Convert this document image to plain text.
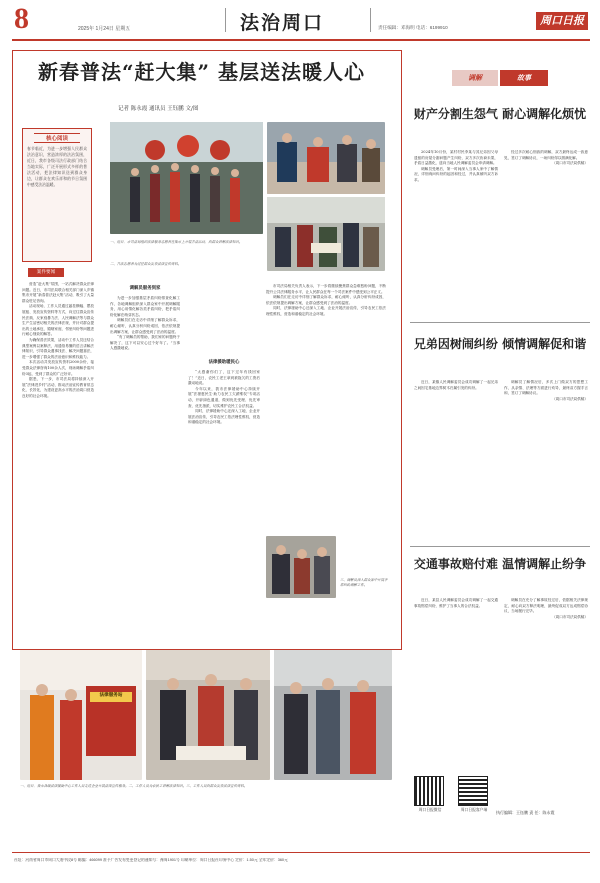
8	2025年 1月24日 星期五	法治周口	责任编辑：邓海明 电话：6199910
周口日报
新春普法“赶大集” 基层送法暖人心
记者 陈永霞 通讯员 王钰鹏 文/图
核心阅读
春节临近，为进一步增强人民群众法治意识，营造浓厚的法治氛围，近日，我市各级司法行政部门结合当地实际，广泛开展形式多样的普法活动，把法律知识送到群众身边，让群众在欢乐祥和的节日氛围中感受法治温暖。
一、近日，市司法局组织法律服务志愿者在集市上开展普法活动，向群众讲解法律知识。
二、普法志愿者为过往群众发放法律宣传资料。
案件要闻

营造“赶大集”氛围，一站式解决群众法律问题。近日，市司法局联合相关部门深入乡镇集市开展“新春普法赶大集”活动，吸引了大量群众驻足咨询。

活动现场，工作人员通过悬挂横幅、摆放展板、发放宣传资料等方式，向过往群众宣传民法典、反家庭暴力法、人民调解法等与群众生产生活密切相关的法律法规，并针对群众提出的土地承包、婚姻家庭、邻里纠纷等问题进行耐心细致的解答。

为确保普法效果，活动中工作人员还结合典型案例以案释法，用通俗易懂的语言讲解法律知识，引导群众遇事找法、解决问题靠法，进一步增强了群众的法治意识和维权能力。

本次活动共发放宣传资料2000余份，接受群众法律咨询100余人次，现场调解矛盾纠纷3起，受到了群众的广泛好评。

据悉，下一步，市司法局将持续深入开展“法律进乡村”活动，推动法治宣传教育常态化、长效化，为建设更高水平的法治周口营造良好的社会环境。

调解员服务到家

为进一步加强基层矛盾纠纷排查化解工作，各地调解组织深入群众家中开展调解服务，用心用情化解各类矛盾纠纷，把矛盾纠纷化解在萌芽状态。

调解员们在走访中详细了解群众诉求，耐心倾听，认真分析纠纷成因，依法依规提出调解方案，让群众感受到了法治的温度。

“有了调解员的帮助，我们家的问题终于解决了，这下可以安心过个好年了。”当事人感激地说。

法律援助暖民心

“太感谢你们了，这下过年有钱回家了！”近日，农民工老王拿到被拖欠的工资后激动地说。

今年以来，我市法律援助中心持续开展“法援惠民生·助力农民工欠薪维权”专项活动，开辟绿色通道，做到优先受理、优先审查、优先指派，切实维护农民工合法权益。

同时，法律援助中心还深入工地、企业开展法治宣传，引导农民工依法理性维权，营造和谐稳定的社会环境。

市司法局相关负责人表示，下一步将继续聚焦群众急难愁盼问题，不断提升公共法律服务水平，让人民群众在每一个司法案件中感受到公平正义。

调解员们在走访中详细了解群众诉求，耐心倾听，认真分析纠纷成因，依法依规提出调解方案，让群众感受到了法治的温度。

同时，法律援助中心还深入工地、企业开展法治宣传，引导农民工依法理性维权，营造和谐稳定的社会环境。

三、调解员深入群众家中开展矛盾纠纷调解工作。
法律服务站
一、近日，我市各级法律援助中心工作人员走进企业开展法律宣传服务。二、工作人员为农民工讲解法律知识。三、工作人员向群众发放法律宣传资料。
调解	故事
财产分割生怨气 耐心调解化烦忧

2024年10月份，某村村民李某与其兄弟因父母遗留的房屋分割问题产生纠纷，双方多次协商未果，矛盾日益激化，遂向当地人民调解委员会申请调解。

调解员受理后，第一时间深入当事人家中了解情况，详细询问纠纷的起因和经过，并认真倾听双方诉求。

经过多次耐心细致的调解，双方最终达成一致意见，签订了调解协议，一场纠纷得以圆满化解。

（周口市司法局供稿）

兄弟因树闹纠纷 倾情调解促和谐

近日，某镇人民调解委员会成功调解了一起兄弟之间因宅基地边界树木归属引发的纠纷。

调解员了解情况后，多次上门做双方的思想工作，从亲情、法理等方面进行劝导，最终双方握手言和，签订了调解协议。

（周口市司法局供稿）

交通事故赔付难 温情调解止纷争

近日，某县人民调解委员会成功调解了一起交通事故赔偿纠纷，维护了当事人的合法权益。

调解员在充分了解事故经过后，依据相关法律规定，耐心向双方释法明理，最终促成双方达成赔偿协议，当场履行完毕。

（周口市司法局供稿）

周口日报微信	周口日报客户端
执行编辑：王钰鹏 责 任：陈永霞
社址：河南省周口市周口大道中段8号 邮编：466099 准予广告发布变更登记的通知号：豫周1901号 印刷单位：周口日报社印务中心 定价：1.50元 全年定价：360元
